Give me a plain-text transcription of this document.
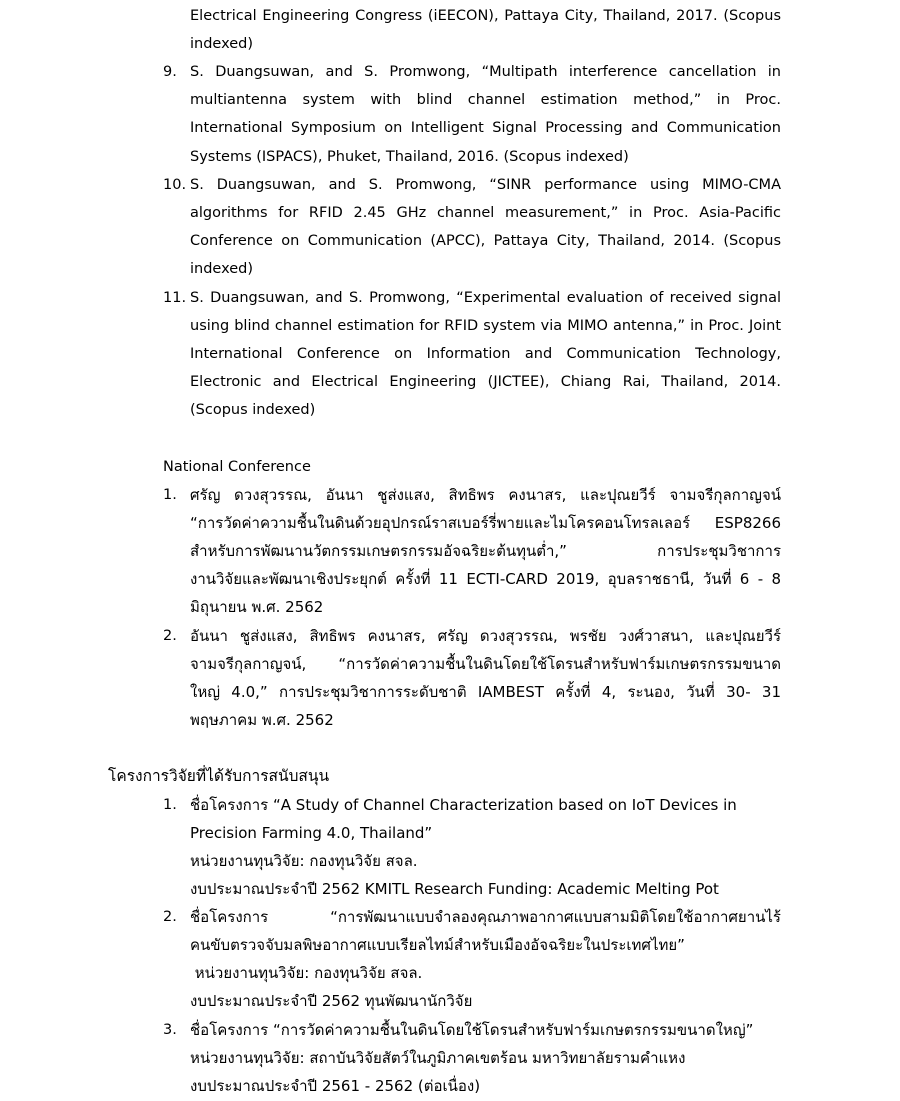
Electrical Engineering Congress (iEECON), Pattaya City, Thailand, 2017. (Scopus
indexed)
9. S. Duangsuwan, and S. Promwong, “Multipath interference cancellation in
multiantenna system with blind channel estimation method,” in Proc.
International Symposium on Intelligent Signal Processing and Communication
Systems (ISPACS), Phuket, Thailand, 2016. (Scopus indexed)
10. S. Duangsuwan, and S. Promwong, “SINR performance using MIMO-CMA
algorithms for RFID 2.45 GHz channel measurement,” in Proc. Asia-Pacific
Conference on Communication (APCC), Pattaya City, Thailand, 2014. (Scopus
indexed)
11. S. Duangsuwan, and S. Promwong, “Experimental evaluation of received signal
using blind channel estimation for RFID system via MIMO antenna,” in Proc. Joint
International Conference on Information and Communication Technology,
Electronic and Electrical Engineering (JICTEE), Chiang Rai, Thailand, 2014.
(Scopus indexed)
National Conference
1. ศรัญ ดวงสุวรรณ, อันนา ชูส่งแสง, สิทธิพร คงนาสร, และปุณยวีร์ จามจรีกุลกาญจน์
“การวัดค่าความชื้นในดินด้วยอุปกรณ์ราสเบอร์รี่พายและไมโครคอนโทรลเลอร์ ESP8266
สำหรับการพัฒนานวัตกรรมเกษตรกรรมอัจฉริยะต้นทุนต่ำ,” การประชุมวิชาการ
งานวิจัยและพัฒนาเชิงประยุกต์ ครั้งที่ 11 ECTI-CARD 2019, อุบลราชธานี, วันที่ 6 - 8
มิถุนายน พ.ศ. 2562
2. อันนา ชูส่งแสง, สิทธิพร คงนาสร, ศรัญ ดวงสุวรรณ, พรชัย วงศ์วาสนา, และปุณยวีร์
จามจรีกุลกาญจน์, “การวัดค่าความชื้นในดินโดยใช้โดรนสำหรับฟาร์มเกษตรกรรมขนาด
ใหญ่ 4.0,” การประชุมวิชาการระดับชาติ IAMBEST ครั้งที่ 4, ระนอง, วันที่ 30- 31
พฤษภาคม พ.ศ. 2562
โครงการวิจัยที่ได้รับการสนับสนุน
1. ชื่อโครงการ “A Study of Channel Characterization based on IoT Devices in
Precision Farming 4.0, Thailand”
หน่วยงานทุนวิจัย: กองทุนวิจัย สจล.
งบประมาณประจำปี 2562 KMITL Research Funding: Academic Melting Pot
2. ชื่อโครงการ “การพัฒนาแบบจำลองคุณภาพอากาศแบบสามมิติโดยใช้อากาศยานไร้
คนขับตรวจจับมลพิษอากาศแบบเรียลไทม์สำหรับเมืองอัจฉริยะในประเทศไทย”
หน่วยงานทุนวิจัย: กองทุนวิจัย สจล.
งบประมาณประจำปี 2562 ทุนพัฒนานักวิจัย
3. ชื่อโครงการ “การวัดค่าความชื้นในดินโดยใช้โดรนสำหรับฟาร์มเกษตรกรรมขนาดใหญ่”
หน่วยงานทุนวิจัย: สถาบันวิจัยสัตว์ในภูมิภาคเขตร้อน มหาวิทยาลัยรามคำแหง
งบประมาณประจำปี 2561 - 2562 (ต่อเนื่อง)
